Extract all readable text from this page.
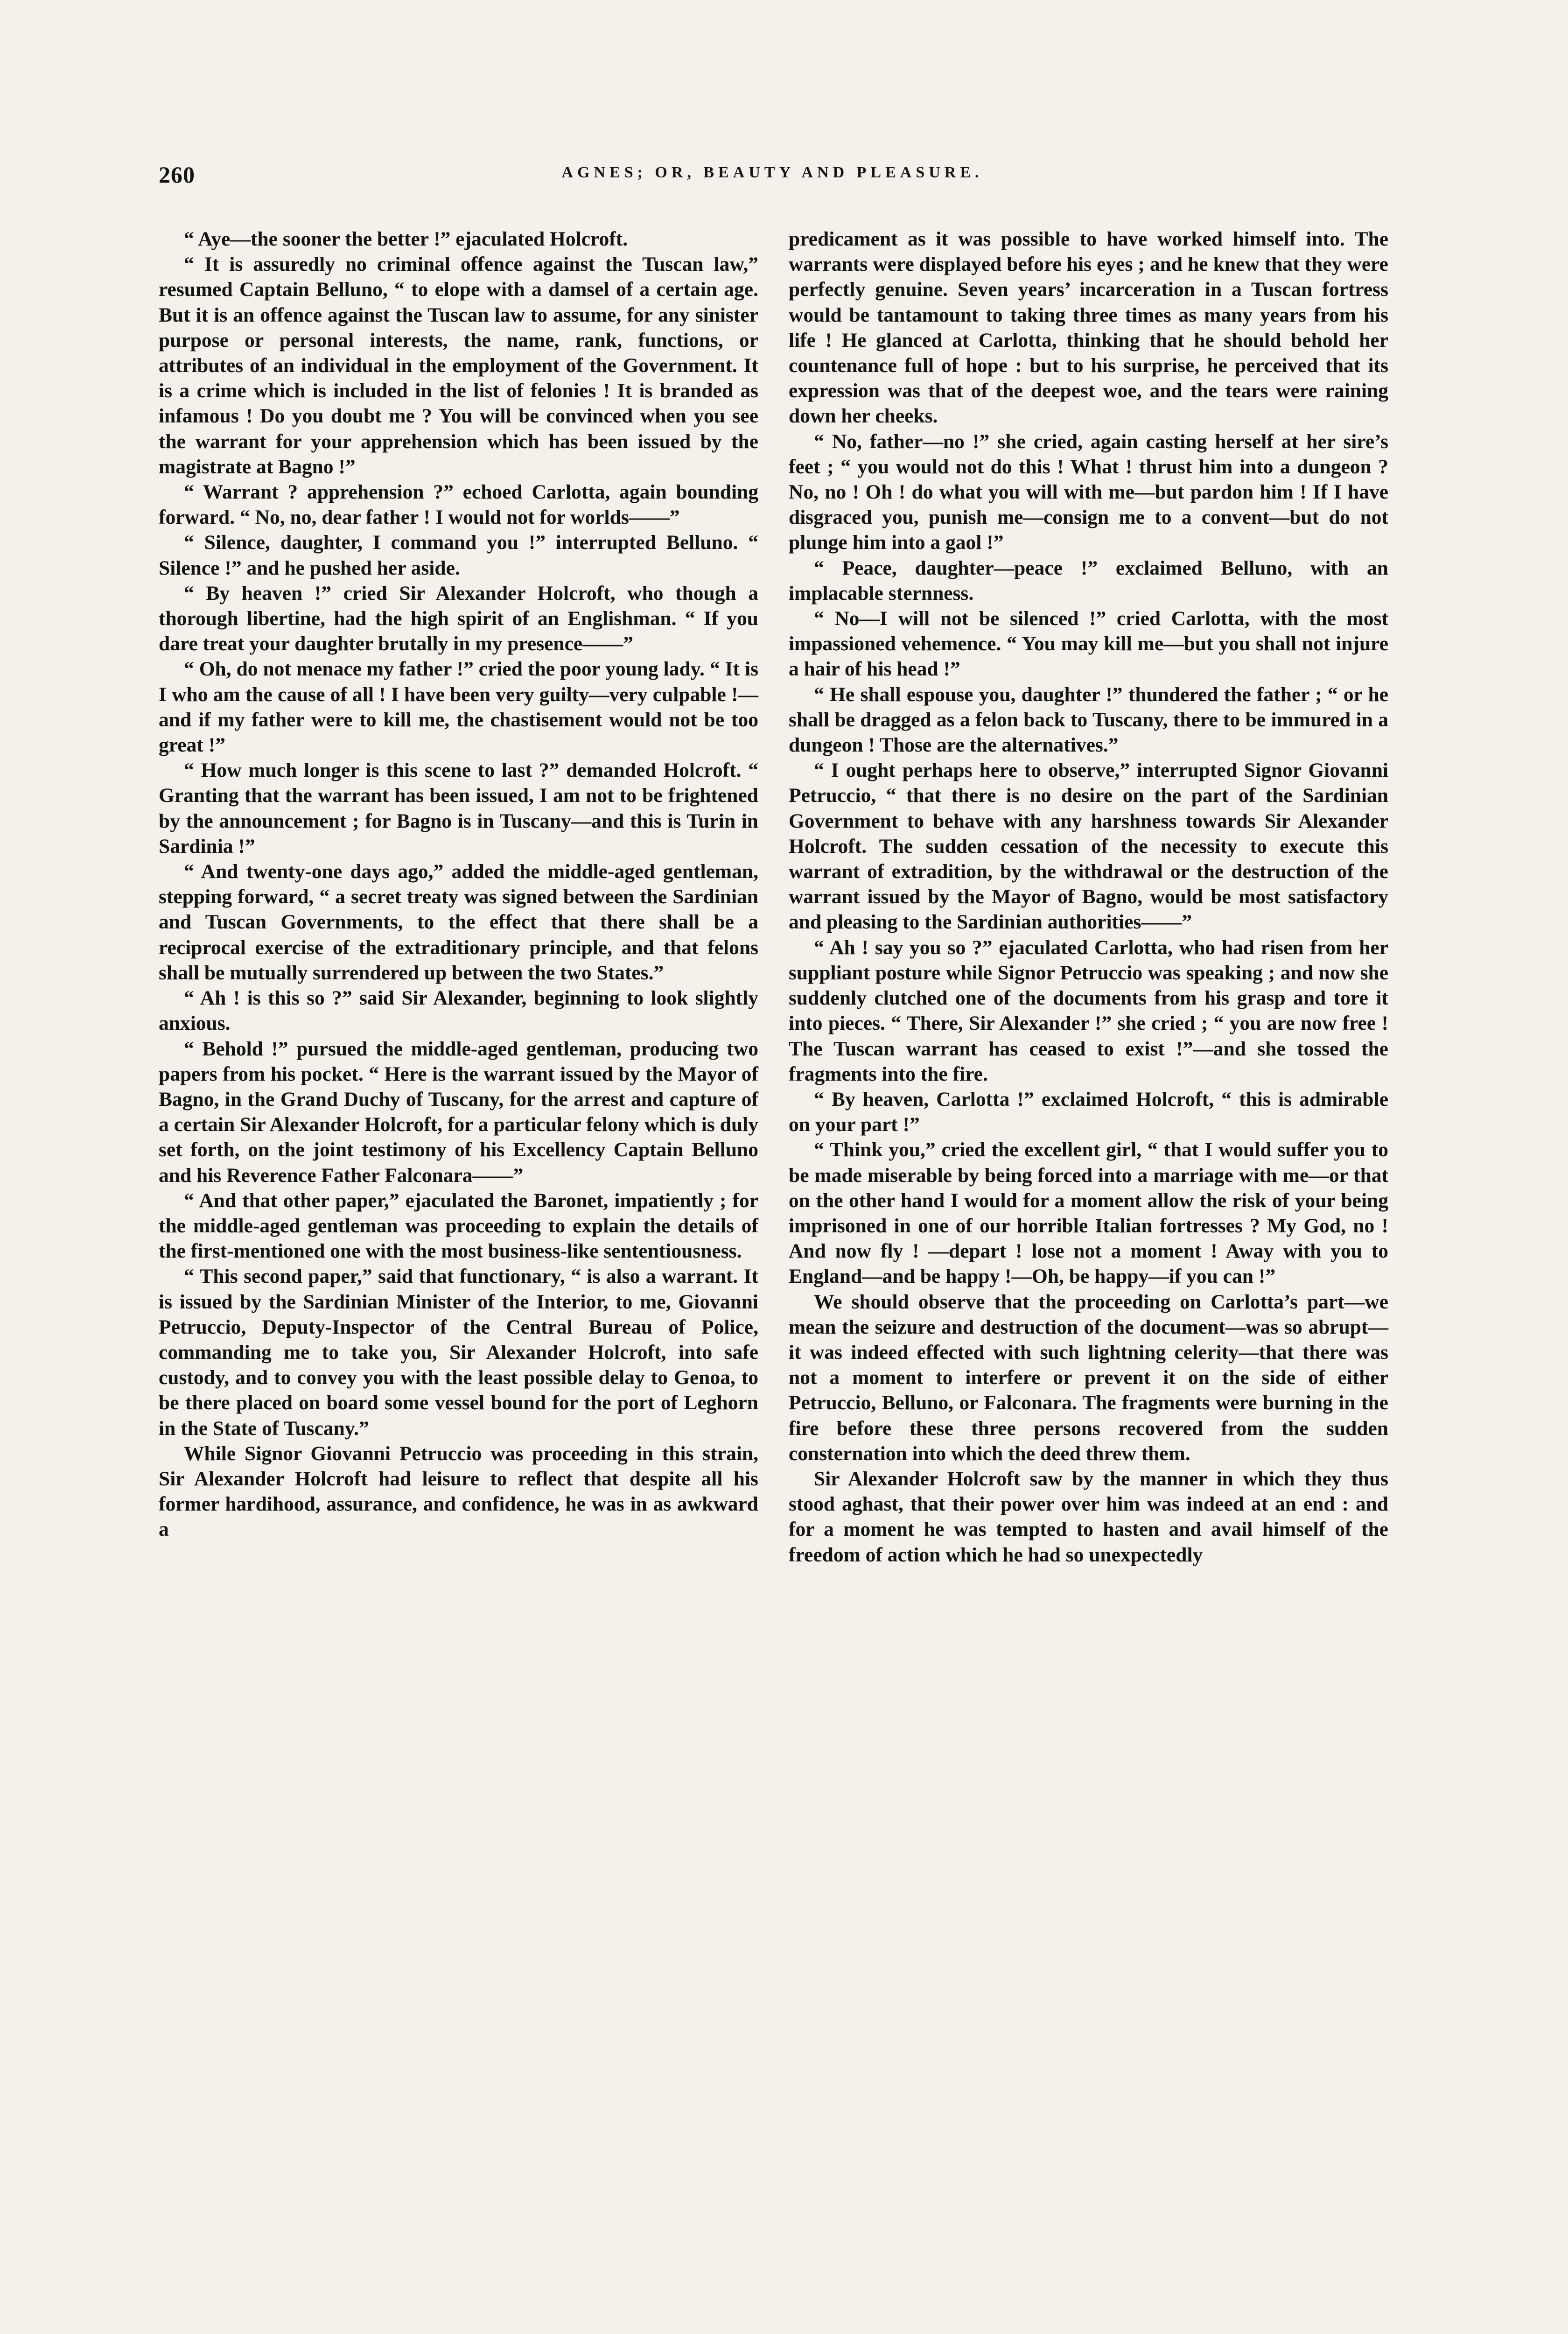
260	AGNES; OR, BEAUTY AND PLEASURE.

“ Aye—the sooner the better !” ejaculated Holcroft.

“ It is assuredly no criminal offence against the Tuscan law,” resumed Captain Belluno, “ to elope with a damsel of a certain age. But it is an offence against the Tuscan law to assume, for any sinister purpose or personal interests, the name, rank, functions, or attributes of an individual in the employment of the Government. It is a crime which is included in the list of felonies ! It is branded as infamous ! Do you doubt me ? You will be convinced when you see the warrant for your apprehension which has been issued by the magistrate at Bagno !”

“ Warrant ? apprehension ?” echoed Carlotta, again bounding forward. “ No, no, dear father ! I would not for worlds——”

“ Silence, daughter, I command you !” interrupted Belluno. “ Silence !” and he pushed her aside.

“ By heaven !” cried Sir Alexander Holcroft, who though a thorough libertine, had the high spirit of an Englishman. “ If you dare treat your daughter brutally in my presence——”

“ Oh, do not menace my father !” cried the poor young lady. “ It is I who am the cause of all ! I have been very guilty—very culpable !—and if my father were to kill me, the chastisement would not be too great !”

“ How much longer is this scene to last ?” demanded Holcroft. “ Granting that the warrant has been issued, I am not to be frightened by the announcement ; for Bagno is in Tuscany—and this is Turin in Sardinia !”

“ And twenty-one days ago,” added the middle-aged gentleman, stepping forward, “ a secret treaty was signed between the Sardinian and Tuscan Governments, to the effect that there shall be a reciprocal exercise of the extraditionary principle, and that felons shall be mutually surrendered up between the two States.”

“ Ah ! is this so ?” said Sir Alexander, beginning to look slightly anxious.

“ Behold !” pursued the middle-aged gentleman, producing two papers from his pocket. “ Here is the warrant issued by the Mayor of Bagno, in the Grand Duchy of Tuscany, for the arrest and capture of a certain Sir Alexander Holcroft, for a particular felony which is duly set forth, on the joint testimony of his Excellency Captain Belluno and his Reverence Father Falconara——”

“ And that other paper,” ejaculated the Baronet, impatiently ; for the middle-aged gentleman was proceeding to explain the details of the first-mentioned one with the most business-like sententiousness.

“ This second paper,” said that functionary, “ is also a warrant. It is issued by the Sardinian Minister of the Interior, to me, Giovanni Petruccio, Deputy-Inspector of the Central Bureau of Police, commanding me to take you, Sir Alexander Holcroft, into safe custody, and to convey you with the least possible delay to Genoa, to be there placed on board some vessel bound for the port of Leghorn in the State of Tuscany.”

While Signor Giovanni Petruccio was proceeding in this strain, Sir Alexander Holcroft had leisure to reflect that despite all his former hardihood, assurance, and confidence, he was in as awkward a

predicament as it was possible to have worked himself into. The warrants were displayed before his eyes ; and he knew that they were perfectly genuine. Seven years’ incarceration in a Tuscan fortress would be tantamount to taking three times as many years from his life ! He glanced at Carlotta, thinking that he should behold her countenance full of hope : but to his surprise, he perceived that its expression was that of the deepest woe, and the tears were raining down her cheeks.

“ No, father—no !” she cried, again casting herself at her sire’s feet ; “ you would not do this ! What ! thrust him into a dungeon ? No, no ! Oh ! do what you will with me—but pardon him ! If I have disgraced you, punish me—consign me to a convent—but do not plunge him into a gaol !”

“ Peace, daughter—peace !” exclaimed Belluno, with an implacable sternness.

“ No—I will not be silenced !” cried Carlotta, with the most impassioned vehemence. “ You may kill me—but you shall not injure a hair of his head !”

“ He shall espouse you, daughter !” thundered the father ; “ or he shall be dragged as a felon back to Tuscany, there to be immured in a dungeon ! Those are the alternatives.”

“ I ought perhaps here to observe,” interrupted Signor Giovanni Petruccio, “ that there is no desire on the part of the Sardinian Government to behave with any harshness towards Sir Alexander Holcroft. The sudden cessation of the necessity to execute this warrant of extradition, by the withdrawal or the destruction of the warrant issued by the Mayor of Bagno, would be most satisfactory and pleasing to the Sardinian authorities——”

“ Ah ! say you so ?” ejaculated Carlotta, who had risen from her suppliant posture while Signor Petruccio was speaking ; and now she suddenly clutched one of the documents from his grasp and tore it into pieces. “ There, Sir Alexander !” she cried ; “ you are now free ! The Tuscan warrant has ceased to exist !”—and she tossed the fragments into the fire.

“ By heaven, Carlotta !” exclaimed Holcroft, “ this is admirable on your part !”

“ Think you,” cried the excellent girl, “ that I would suffer you to be made miserable by being forced into a marriage with me—or that on the other hand I would for a moment allow the risk of your being imprisoned in one of our horrible Italian fortresses ? My God, no ! And now fly ! —depart ! lose not a moment ! Away with you to England—and be happy !—Oh, be happy—if you can !”

We should observe that the proceeding on Carlotta’s part—we mean the seizure and destruction of the document—was so abrupt—it was indeed effected with such lightning celerity—that there was not a moment to interfere or prevent it on the side of either Petruccio, Belluno, or Falconara. The fragments were burning in the fire before these three persons recovered from the sudden consternation into which the deed threw them.

Sir Alexander Holcroft saw by the manner in which they thus stood aghast, that their power over him was indeed at an end : and for a moment he was tempted to hasten and avail himself of the freedom of action which he had so unexpectedly
